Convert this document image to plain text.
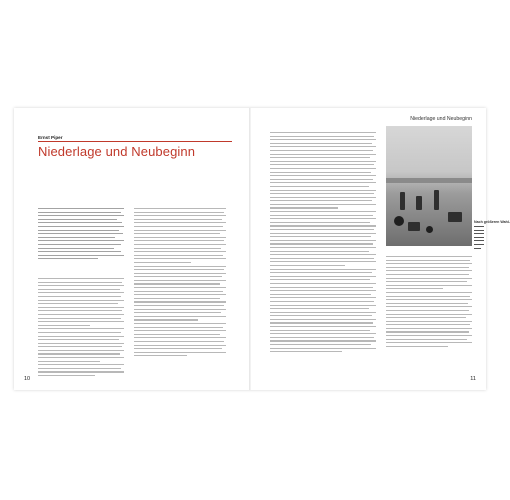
Ernst Piper
Niederlage und Neubeginn
10
Niederlage und Neubeginn
Nach größeren Wahl-
11
